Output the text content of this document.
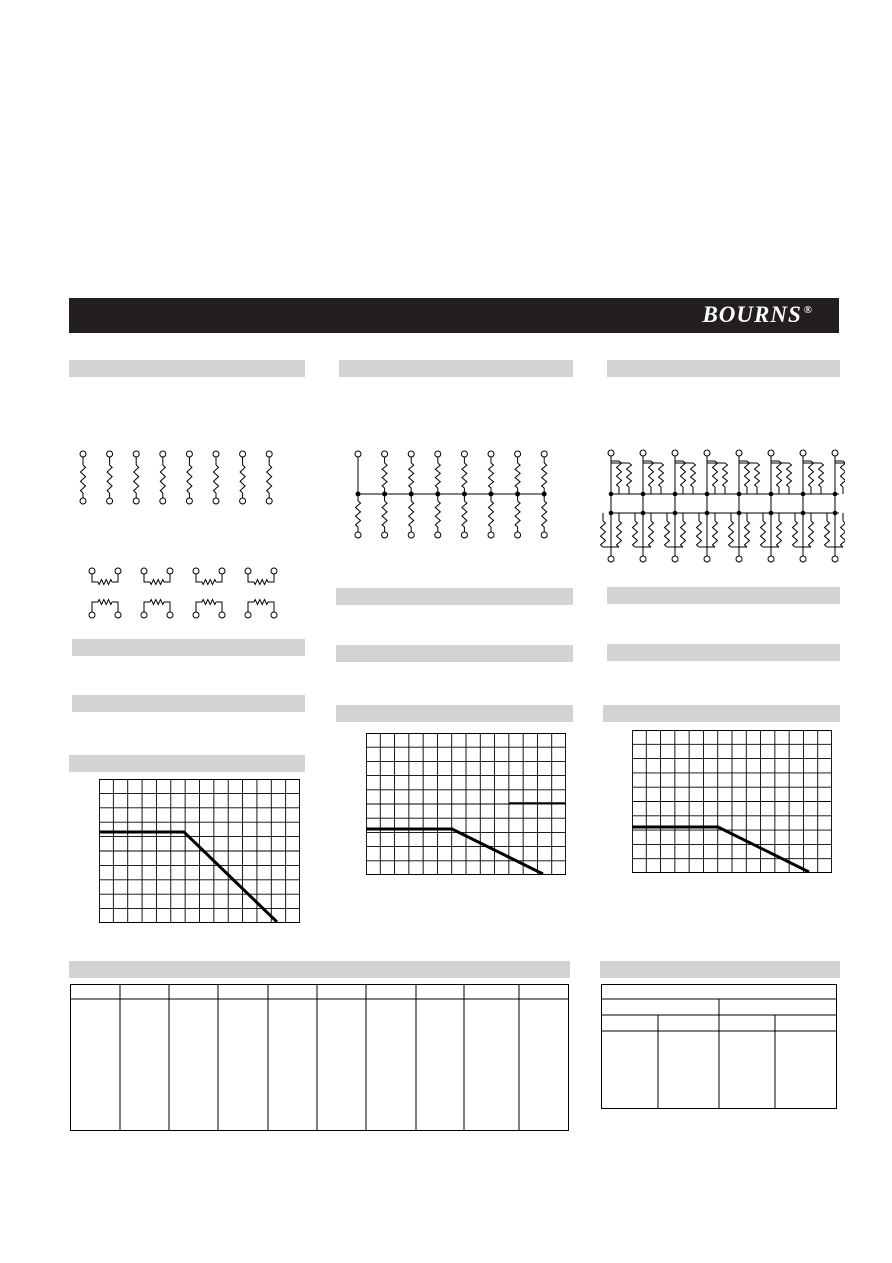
BOURNS ®
